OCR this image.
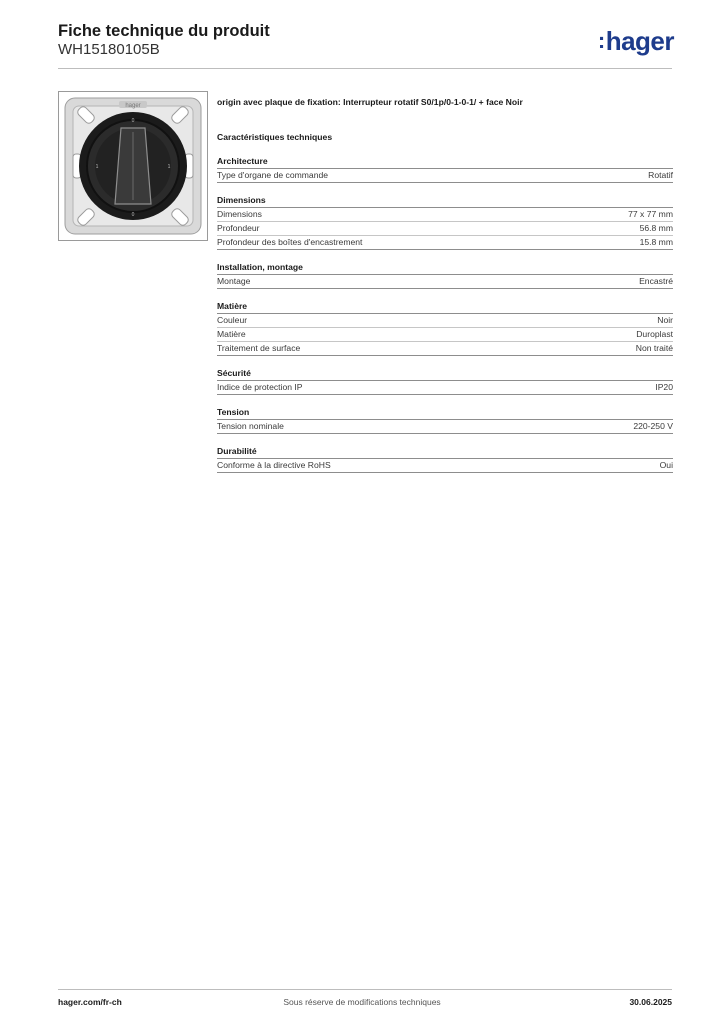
Fiche technique du produit
WH15180105B	:hager
hager
0
0
1	1
origin avec plaque de fixation: Interrupteur rotatif S0/1p/0-1-0-1/ + face Noir
Caractéristiques techniques
Architecture
Type d'organe de commande	Rotatif
Dimensions
Dimensions	77 x 77 mm
Profondeur	56.8 mm
Profondeur des boîtes d'encastrement	15.8 mm
Installation, montage
Montage	Encastré
Matière
Couleur	Noir
Matière	Duroplast
Traitement de surface	Non traité
Sécurité
Indice de protection IP	IP20
Tension
Tension nominale	220-250 V
Durabilité
Conforme à la directive RoHS	Oui
Sous réserve de modifications techniques
hager.com/fr-ch	30.06.2025
